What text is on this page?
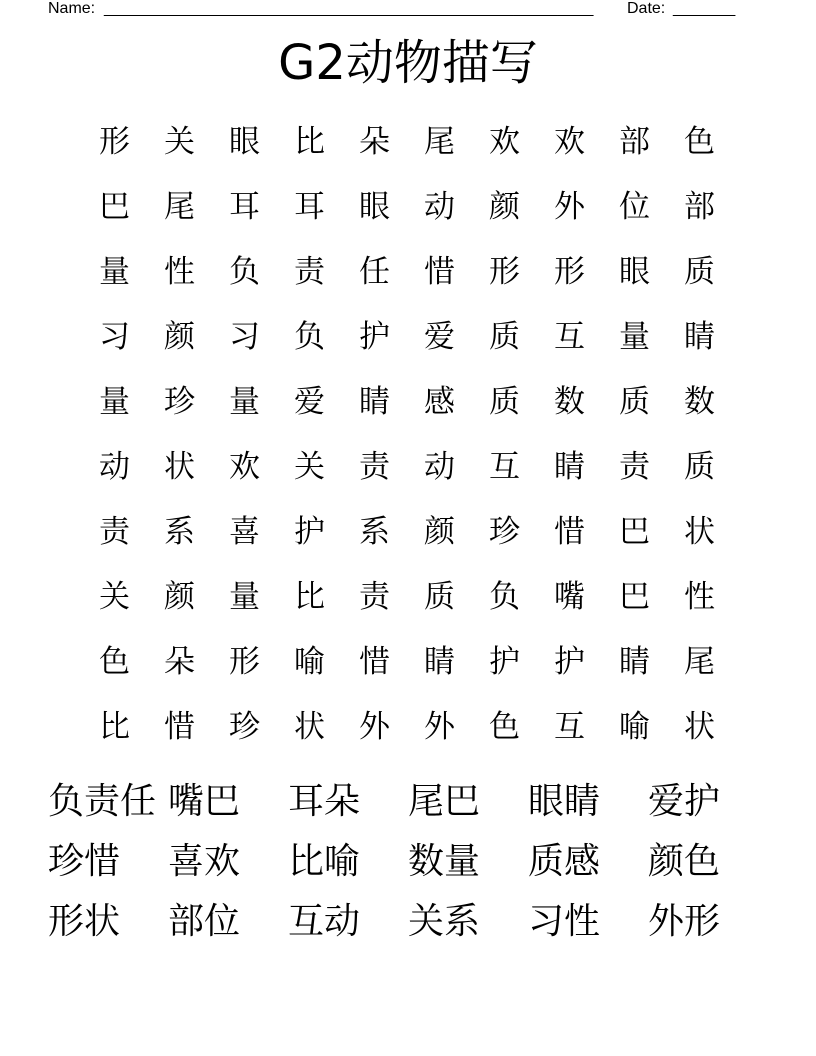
Name: _______________________________________________________ Date: _______
G2动物描写
形	关	眼	比	朵	尾	欢	欢	部	色
巴	尾	耳	耳	眼	动	颜	外	位	部
量	性	负	责	任	惜	形	形	眼	质
习	颜	习	负	护	爱	质	互	量	睛
量	珍	量	爱	睛	感	质	数	质	数
动	状	欢	关	责	动	互	睛	责	质
责	系	喜	护	系	颜	珍	惜	巴	状
关	颜	量	比	责	质	负	嘴	巴	性
色	朵	形	喻	惜	睛	护	护	睛	尾
比	惜	珍	状	外	外	色	互	喻	状
负责任 嘴巴	耳朵	尾巴	眼睛	爱护
珍惜	喜欢	比喻	数量	质感	颜色
形状	部位	互动	关系	习性	外形
